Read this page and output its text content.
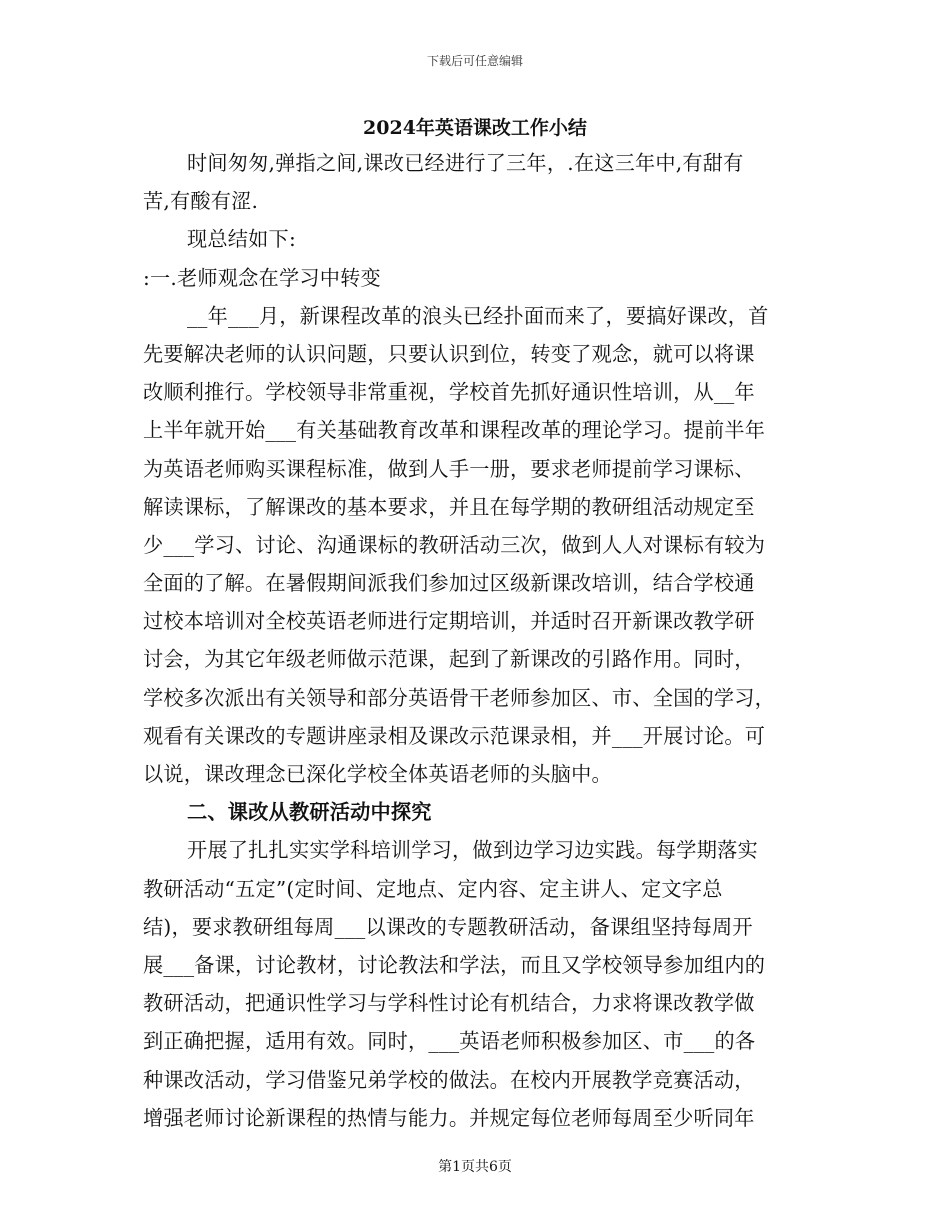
下载后可任意编辑
2024年英语课改工作小结
时间匆匆,弹指之间,课改已经进行了三年，.在这三年中,有甜有
苦,有酸有涩.
现总结如下:
:一.老师观念在学习中转变
__年___月，新课程改革的浪头已经扑面而来了，要搞好课改，首
先要解决老师的认识问题，只要认识到位，转变了观念，就可以将课
改顺利推行。学校领导非常重视，学校首先抓好通识性培训，从__年
上半年就开始___有关基础教育改革和课程改革的理论学习。提前半年
为英语老师购买课程标准，做到人手一册，要求老师提前学习课标、
解读课标，了解课改的基本要求，并且在每学期的教研组活动规定至
少___学习、讨论、沟通课标的教研活动三次，做到人人对课标有较为
全面的了解。在暑假期间派我们参加过区级新课改培训，结合学校通
过校本培训对全校英语老师进行定期培训，并适时召开新课改教学研
讨会，为其它年级老师做示范课，起到了新课改的引路作用。同时，
学校多次派出有关领导和部分英语骨干老师参加区、市、全国的学习，
观看有关课改的专题讲座录相及课改示范课录相，并___开展讨论。可
以说，课改理念已深化学校全体英语老师的头脑中。
二、课改从教研活动中探究
开展了扎扎实实学科培训学习，做到边学习边实践。每学期落实
教研活动“五定”(定时间、定地点、定内容、定主讲人、定文字总
结)，要求教研组每周___以课改的专题教研活动，备课组坚持每周开
展___备课，讨论教材，讨论教法和学法，而且又学校领导参加组内的
教研活动，把通识性学习与学科性讨论有机结合，力求将课改教学做
到正确把握，适用有效。同时，___英语老师积极参加区、市___的各
种课改活动，学习借鉴兄弟学校的做法。在校内开展教学竞赛活动，
增强老师讨论新课程的热情与能力。并规定每位老师每周至少听同年
第1页共6页
